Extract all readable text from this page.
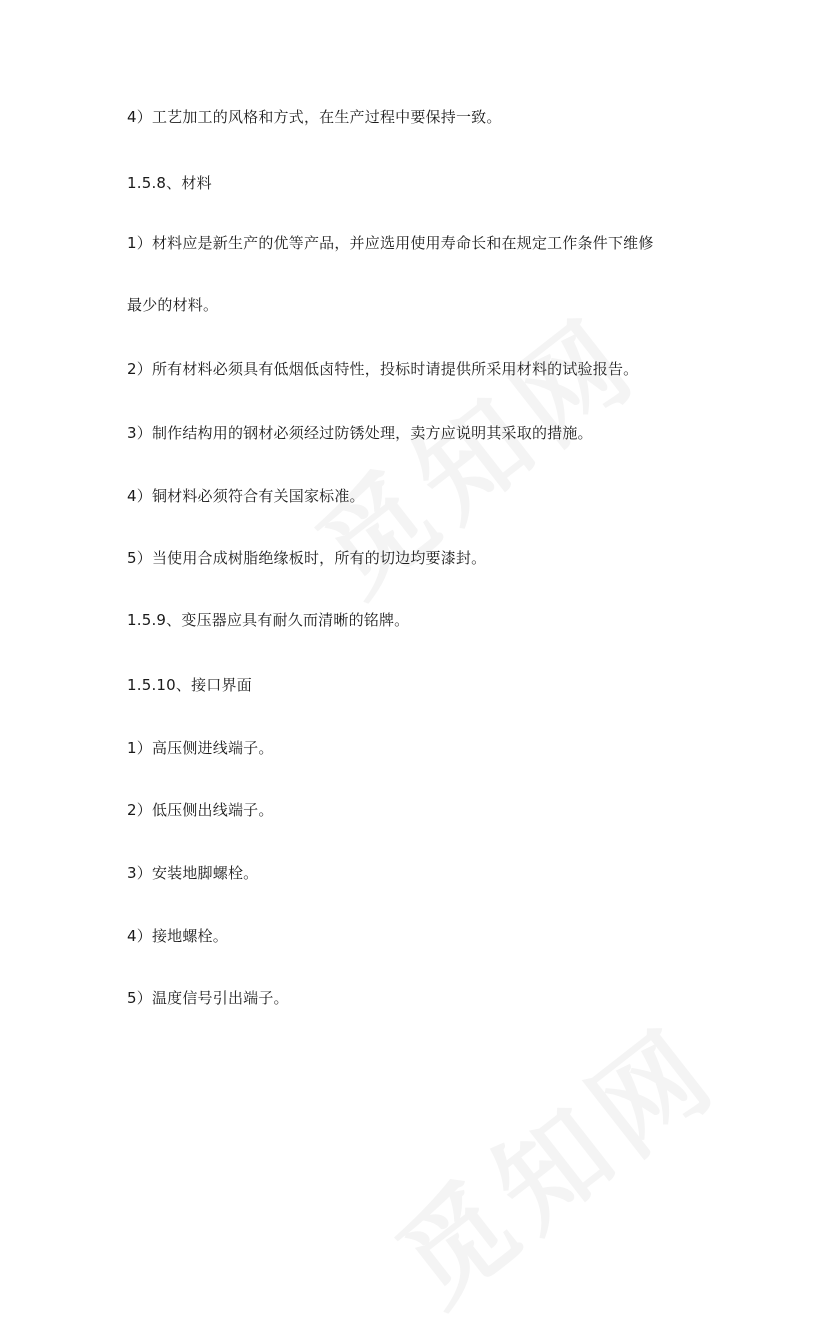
4）工艺加工的风格和方式，在生产过程中要保持一致。
1.5.8、材料
1）材料应是新生产的优等产品，并应选用使用寿命长和在规定工作条件下维修
最少的材料。
2）所有材料必须具有低烟低卤特性，投标时请提供所采用材料的试验报告。
3）制作结构用的钢材必须经过防锈处理，卖方应说明其采取的措施。
4）铜材料必须符合有关国家标准。
5）当使用合成树脂绝缘板时，所有的切边均要漆封。
1.5.9、变压器应具有耐久而清晰的铭牌。
1.5.10、接口界面
1）高压侧进线端子。
2）低压侧出线端子。
3）安装地脚螺栓。
4）接地螺栓。
5）温度信号引出端子。
